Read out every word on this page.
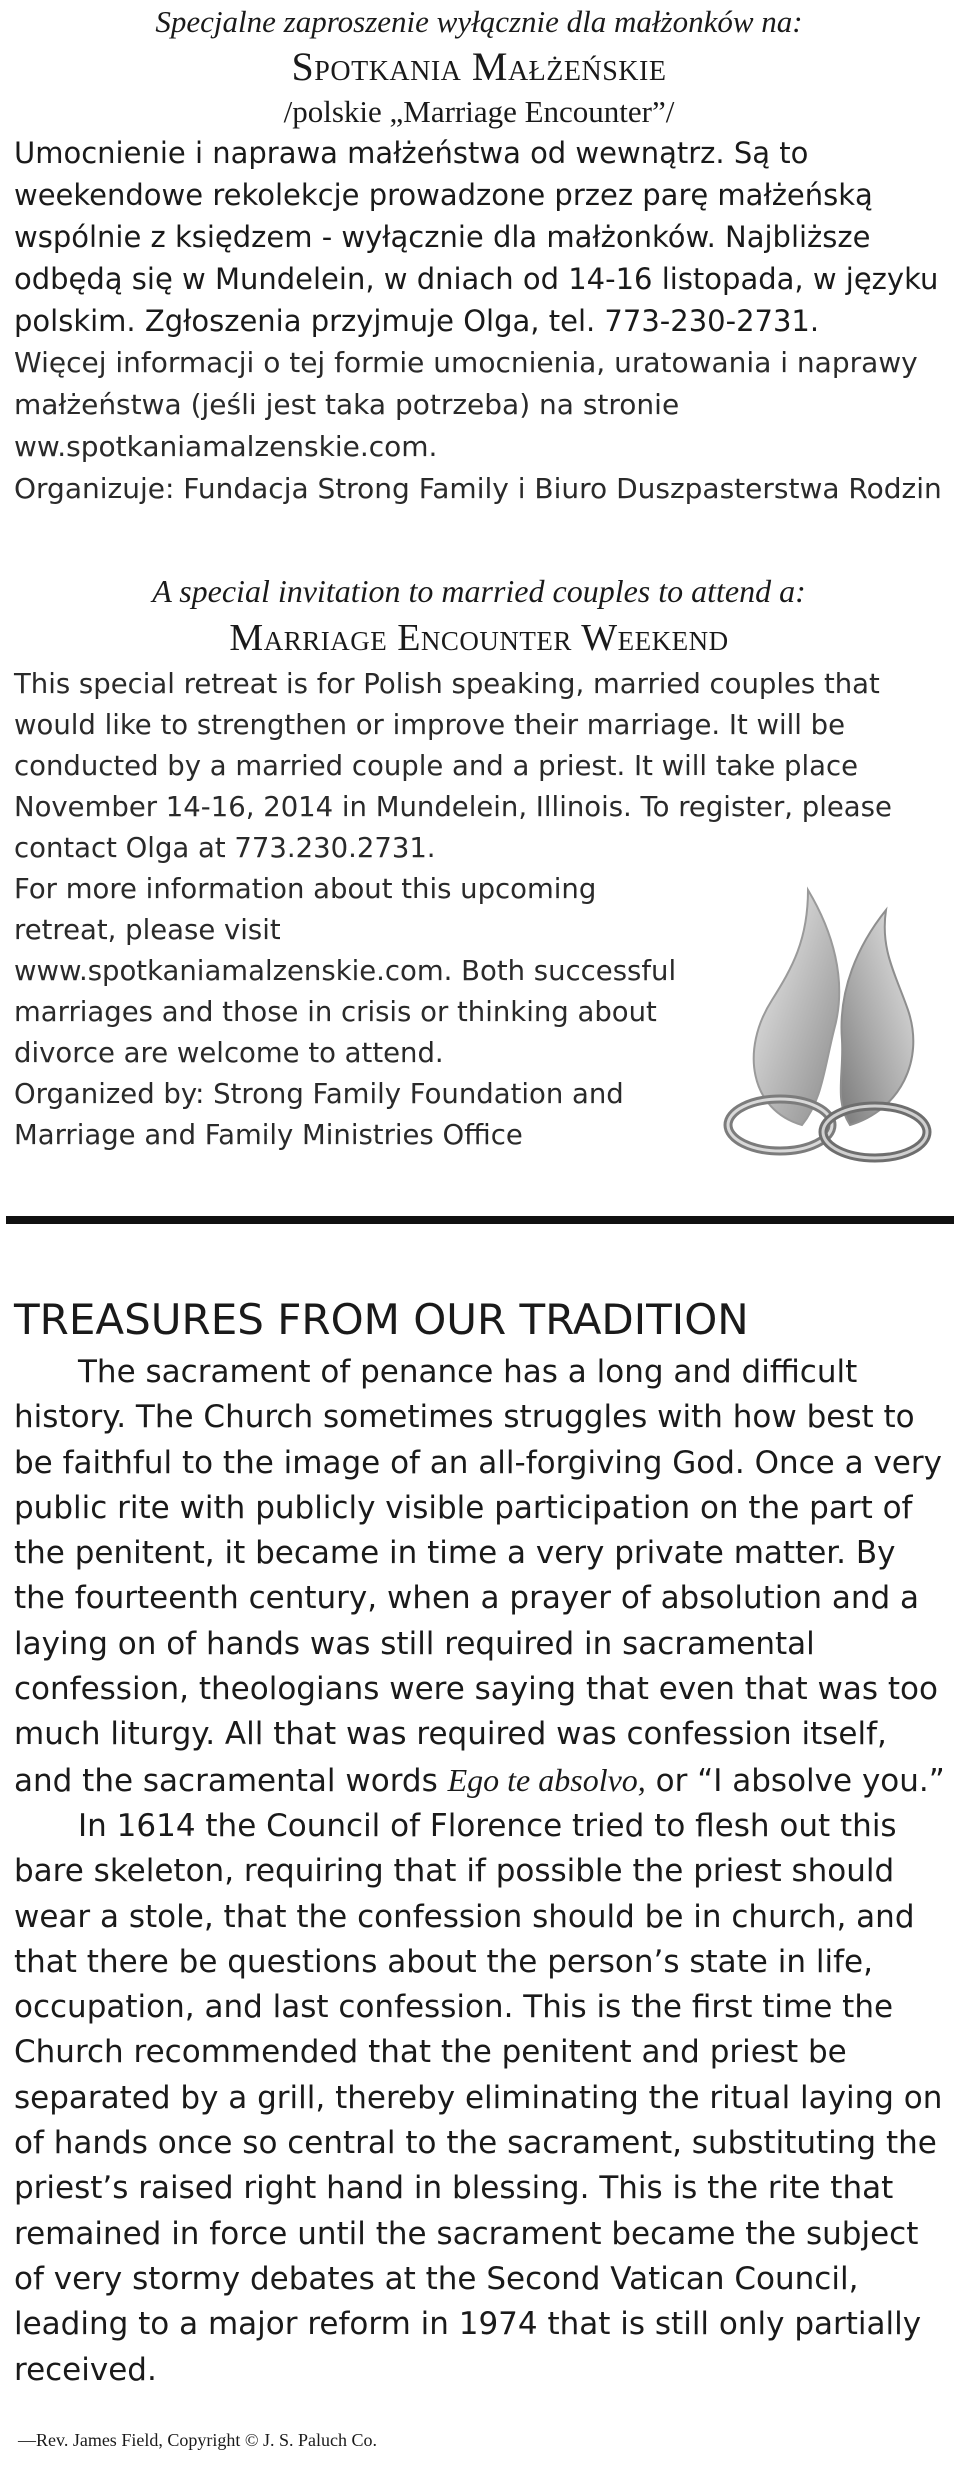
Specjalne zaproszenie wyłącznie dla małżonków na:
Spotkania Małżeńskie
/polskie „Marriage Encounter”/

Umocnienie i naprawa małżeństwa od wewnątrz. Są to weekendowe rekolekcje prowadzone przez parę małżeńską wspólnie z księdzem - wyłącznie dla małżonków. Najbliższe odbędą się w Mundelein, w dniach od 14-16 listopada, w języku polskim. Zgłoszenia przyjmuje Olga, tel. 773-230-2731.

Więcej informacji o tej formie umocnienia, uratowania i naprawy małżeństwa (jeśli jest taka potrzeba) na stronie ww.spotkaniamalzenskie.com.

Organizuje: Fundacja Strong Family i Biuro Duszpasterstwa Rodzin

A special invitation to married couples to attend a:
Marriage Encounter Weekend

This special retreat is for Polish speaking, married couples that would like to strengthen or improve their marriage. It will be conducted by a married couple and a priest. It will take place November 14-16, 2014 in Mundelein, Illinois. To register, please contact Olga at 773.230.2731.

For more information about this upcoming retreat, please visit www.spotkaniamalzenskie.com. Both successful marriages and those in crisis or thinking about divorce are welcome to attend.

Organized by: Strong Family Foundation and Marriage and Family Ministries Office

TREASURES FROM OUR TRADITION

The sacrament of penance has a long and difficult history. The Church sometimes struggles with how best to be faithful to the image of an all-forgiving God. Once a very public rite with publicly visible participation on the part of the penitent, it became in time a very private matter. By the fourteenth century, when a prayer of absolution and a laying on of hands was still required in sacramental confession, theologians were saying that even that was too much liturgy. All that was required was confession itself, and the sacramental words Ego te absolvo, or “I absolve you.”

In 1614 the Council of Florence tried to flesh out this bare skeleton, requiring that if possible the priest should wear a stole, that the confession should be in church, and that there be questions about the person’s state in life, occupation, and last confession. This is the first time the Church recommended that the penitent and priest be separated by a grill, thereby eliminating the ritual laying on of hands once so central to the sacrament, substituting the priest’s raised right hand in blessing. This is the rite that remained in force until the sacrament became the subject of very stormy debates at the Second Vatican Council, leading to a major reform in 1974 that is still only partially received.

—Rev. James Field, Copyright © J. S. Paluch Co.
